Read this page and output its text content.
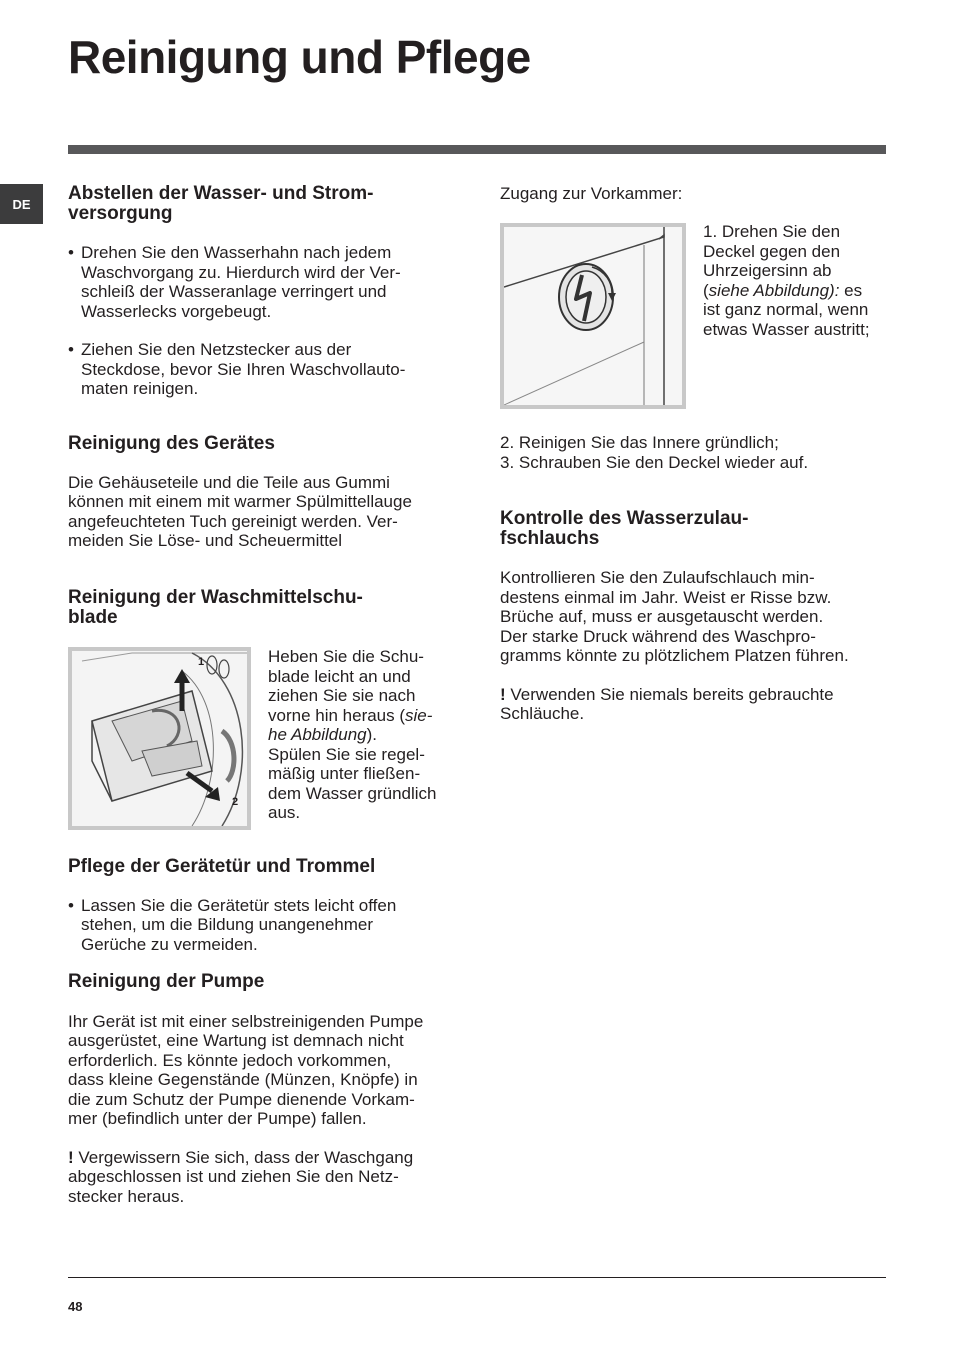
Reinigung und Pflege
DE	Abstellen der Wasser- und Strom-
versorgung
• Drehen Sie den Wasserhahn nach jedem
Waschvorgang zu. Hierdurch wird der Ver-
schleiß der Wasseranlage verringert und
Wasserlecks vorgebeugt.
• Ziehen Sie den Netzstecker aus der
Steckdose, bevor Sie Ihren Waschvollauto-
maten reinigen.
Reinigung des Gerätes
Die Gehäuseteile und die Teile aus Gummi
können mit einem mit warmer Spülmittellauge
angefeuchteten Tuch gereinigt werden. Ver-
meiden Sie Löse- und Scheuermittel
Reinigung der Waschmittelschu-
blade
1
2
Heben Sie die Schu-
blade leicht an und
ziehen Sie sie nach
vorne hin heraus (sie-
he Abbildung).
Spülen Sie sie regel-
mäßig unter fließen-
dem Wasser gründlich
aus.
Pflege der Gerätetür und Trommel
• Lassen Sie die Gerätetür stets leicht offen
stehen, um die Bildung unangenehmer
Gerüche zu vermeiden.
Reinigung der Pumpe
Ihr Gerät ist mit einer selbstreinigenden Pumpe
ausgerüstet, eine Wartung ist demnach nicht
erforderlich. Es könnte jedoch vorkommen,
dass kleine Gegenstände (Münzen, Knöpfe) in
die zum Schutz der Pumpe dienende Vorkam-
mer (befindlich unter der Pumpe) fallen.
! Vergewissern Sie sich, dass der Waschgang
abgeschlossen ist und ziehen Sie den Netz-
stecker heraus.
Zugang zur Vorkammer:
1. Drehen Sie den
Deckel gegen den
Uhrzeigersinn ab
(siehe Abbildung): es
ist ganz normal, wenn
etwas Wasser austritt;
2. Reinigen Sie das Innere gründlich;
3. Schrauben Sie den Deckel wieder auf.
Kontrolle des Wasserzulau-
fschlauchs
Kontrollieren Sie den Zulaufschlauch min-
destens einmal im Jahr. Weist er Risse bzw.
Brüche auf, muss er ausgetauscht werden.
Der starke Druck während des Waschpro-
gramms könnte zu plötzlichem Platzen führen.
! Verwenden Sie niemals bereits gebrauchte
Schläuche.
48
